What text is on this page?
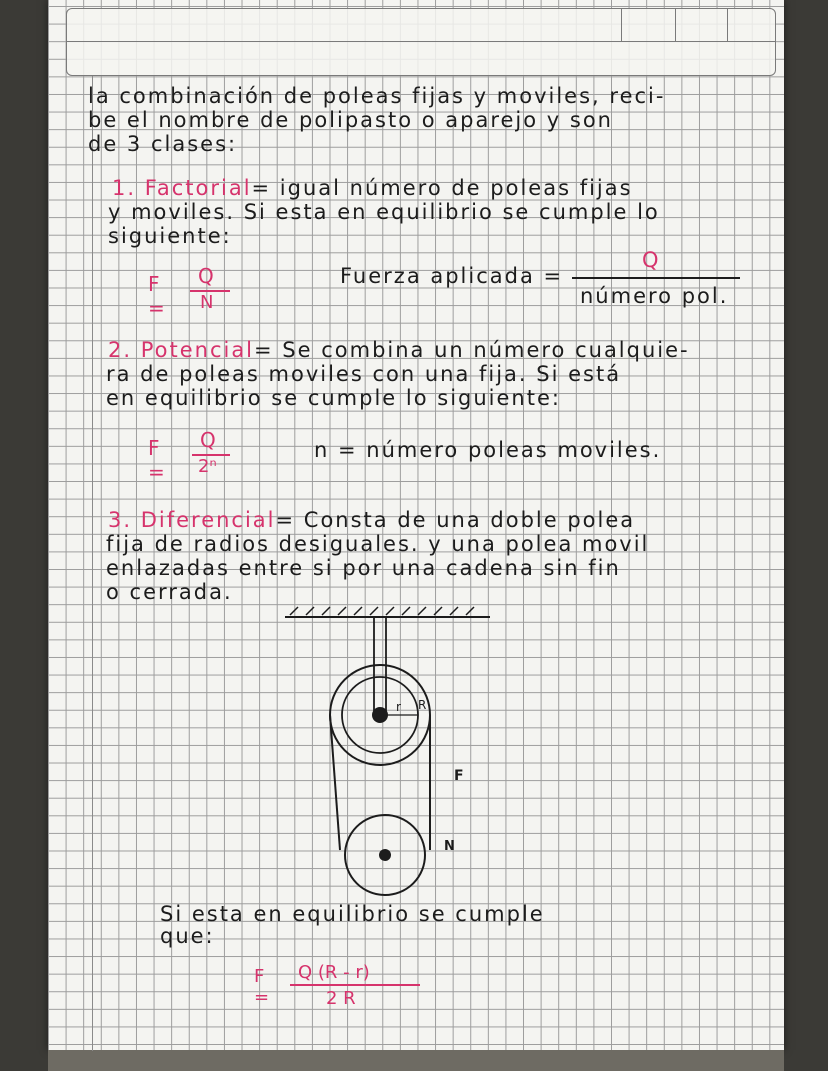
la combinación de poleas fijas y moviles, reci-
be el nombre de polipasto o aparejo y son
de 3 clases:
1. Factorial= igual número de poleas fijas
y moviles. Si esta en equilibrio se cumple lo
siguiente:
F =
Q
N
Fuerza aplicada =
Q
número pol.
2. Potencial= Se combina un número cualquie-
ra de poleas moviles con una fija. Si está
en equilibrio se cumple lo siguiente:
F =
Q
2ⁿ
n = número poleas moviles.
3. Diferencial= Consta de una doble polea
fija de radios desiguales. y una polea movil
enlazadas entre si por una cadena sin fin
o cerrada.
r R
F
N
Si esta en equilibrio se cumple
que:
F =
Q (R - r)
2 R
